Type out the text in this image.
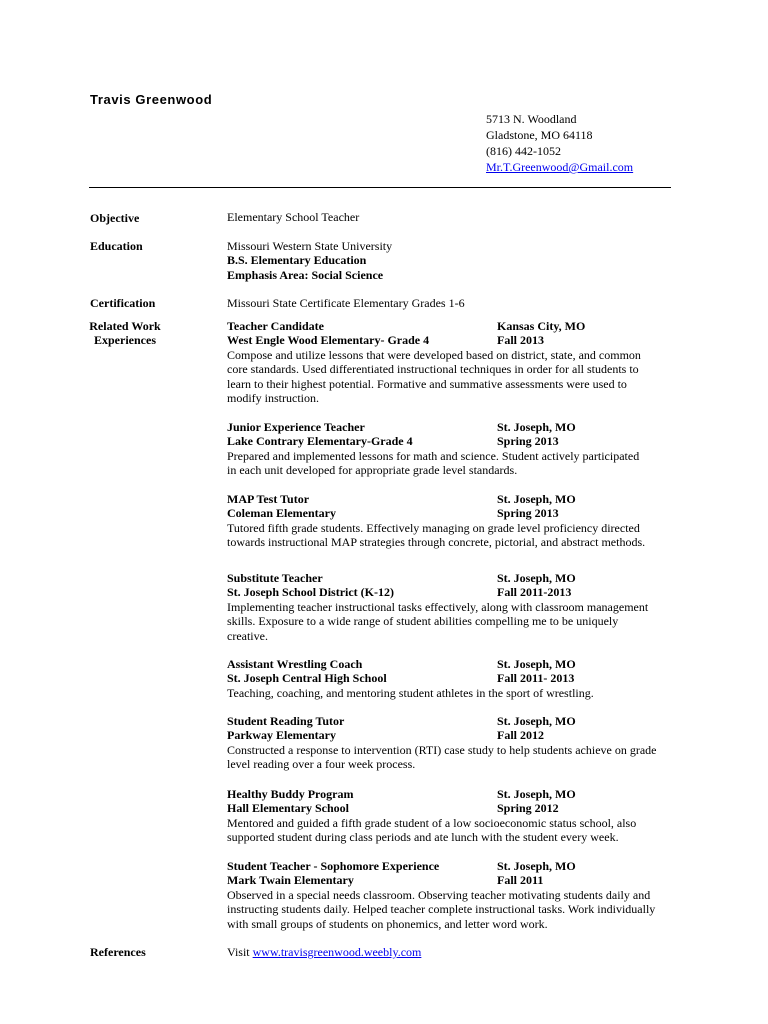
Travis Greenwood
5713 N. Woodland
Gladstone, MO 64118
(816) 442-1052
Mr.T.Greenwood@Gmail.com
Objective	Elementary School Teacher
Education	Missouri Western State University
B.S. Elementary Education
Emphasis Area: Social Science
Certification	Missouri State Certificate Elementary Grades 1-6
Related Work
Experiences
Teacher Candidate	Kansas City, MO
West Engle Wood Elementary- Grade 4	Fall 2013
Compose and utilize lessons that were developed based on district, state, and common
core standards. Used differentiated instructional techniques in order for all students to
learn to their highest potential. Formative and summative assessments were used to
modify instruction.
Junior Experience Teacher	St. Joseph, MO
Lake Contrary Elementary-Grade 4	Spring 2013
Prepared and implemented lessons for math and science. Student actively participated
in each unit developed for appropriate grade level standards.
MAP Test Tutor	St. Joseph, MO
Coleman Elementary	Spring 2013
Tutored fifth grade students. Effectively managing on grade level proficiency directed
towards instructional MAP strategies through concrete, pictorial, and abstract methods.
Substitute Teacher	St. Joseph, MO
St. Joseph School District (K-12)	Fall 2011-2013
Implementing teacher instructional tasks effectively, along with classroom management
skills. Exposure to a wide range of student abilities compelling me to be uniquely
creative.
Assistant Wrestling Coach	St. Joseph, MO
St. Joseph Central High School	Fall 2011- 2013
Teaching, coaching, and mentoring student athletes in the sport of wrestling.
Student Reading Tutor	St. Joseph, MO
Parkway Elementary	Fall 2012
Constructed a response to intervention (RTI) case study to help students achieve on grade
level reading over a four week process.
Healthy Buddy Program	St. Joseph, MO
Hall Elementary School	Spring 2012
Mentored and guided a fifth grade student of a low socioeconomic status school, also
supported student during class periods and ate lunch with the student every week.
Student Teacher - Sophomore Experience	St. Joseph, MO
Mark Twain Elementary	Fall 2011
Observed in a special needs classroom. Observing teacher motivating students daily and
instructing students daily. Helped teacher complete instructional tasks. Work individually
with small groups of students on phonemics, and letter word work.
References	Visit www.travisgreenwood.weebly.com
